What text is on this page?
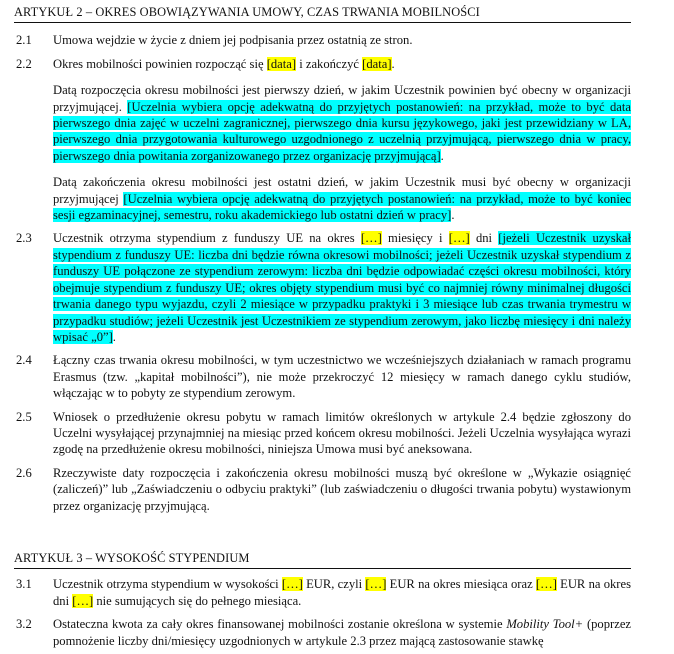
ARTYKUŁ 2 – OKRES OBOWIĄZYWANIA UMOWY, CZAS TRWANIA MOBILNOŚCI
2.1 Umowa wejdzie w życie z dniem jej podpisania przez ostatnią ze stron.

2.2 Okres mobilności powinien rozpocząć się [data] i zakończyć [data].

Datą rozpoczęcia okresu mobilności jest pierwszy dzień, w jakim Uczestnik powinien być obecny w organizacji przyjmującej. [Uczelnia wybiera opcję adekwatną do przyjętych postanowień: na przykład, może to być data pierwszego dnia zajęć w uczelni zagranicznej, pierwszego dnia kursu językowego, jaki jest przewidziany w LA, pierwszego dnia przygotowania kulturowego uzgodnionego z uczelnią przyjmującą, pierwszego dnia w pracy, pierwszego dnia powitania zorganizowanego przez organizację przyjmującą].

Datą zakończenia okresu mobilności jest ostatni dzień, w jakim Uczestnik musi być obecny w organizacji przyjmującej [Uczelnia wybiera opcję adekwatną do przyjętych postanowień: na przykład, może to być koniec sesji egzaminacyjnej, semestru, roku akademickiego lub ostatni dzień w pracy].

2.3 Uczestnik otrzyma stypendium z funduszy UE na okres […] miesięcy i […] dni [jeżeli Uczestnik uzyskał stypendium z funduszy UE: liczba dni będzie równa okresowi mobilności; jeżeli Uczestnik uzyskał stypendium z funduszy UE połączone ze stypendium zerowym: liczba dni będzie odpowiadać części okresu mobilności, który obejmuje stypendium z funduszy UE; okres objęty stypendium musi być co najmniej równy minimalnej długości trwania danego typu wyjazdu, czyli 2 miesiące w przypadku praktyki i 3 miesiące lub czas trwania trymestru w przypadku studiów; jeżeli Uczestnik jest Uczestnikiem ze stypendium zerowym, jako liczbę miesięcy i dni należy wpisać „0”].

2.4 Łączny czas trwania okresu mobilności, w tym uczestnictwo we wcześniejszych działaniach w ramach programu Erasmus (tzw. „kapitał mobilności”), nie może przekroczyć 12 miesięcy w ramach danego cyklu studiów, włączając w to pobyty ze stypendium zerowym.

2.5 Wniosek o przedłużenie okresu pobytu w ramach limitów określonych w artykule 2.4 będzie zgłoszony do Uczelni wysyłającej przynajmniej na miesiąc przed końcem okresu mobilności. Jeżeli Uczelnia wysyłająca wyrazi zgodę na przedłużenie okresu mobilności, niniejsza Umowa musi być aneksowana.

2.6 Rzeczywiste daty rozpoczęcia i zakończenia okresu mobilności muszą być określone w „Wykazie osiągnięć (zaliczeń)” lub „Zaświadczeniu o odbyciu praktyki” (lub zaświadczeniu o długości trwania pobytu) wystawionym przez organizację przyjmującą.

ARTYKUŁ 3 – WYSOKOŚĆ STYPENDIUM
3.1 Uczestnik otrzyma stypendium w wysokości […] EUR, czyli […] EUR na okres miesiąca oraz […] EUR na okres dni […] nie sumujących się do pełnego miesiąca.

3.2 Ostateczna kwota za cały okres finansowanej mobilności zostanie określona w systemie Mobility Tool+ (poprzez pomnożenie liczby dni/miesięcy uzgodnionych w artykule 2.3 przez mającą zastosowanie stawkę
